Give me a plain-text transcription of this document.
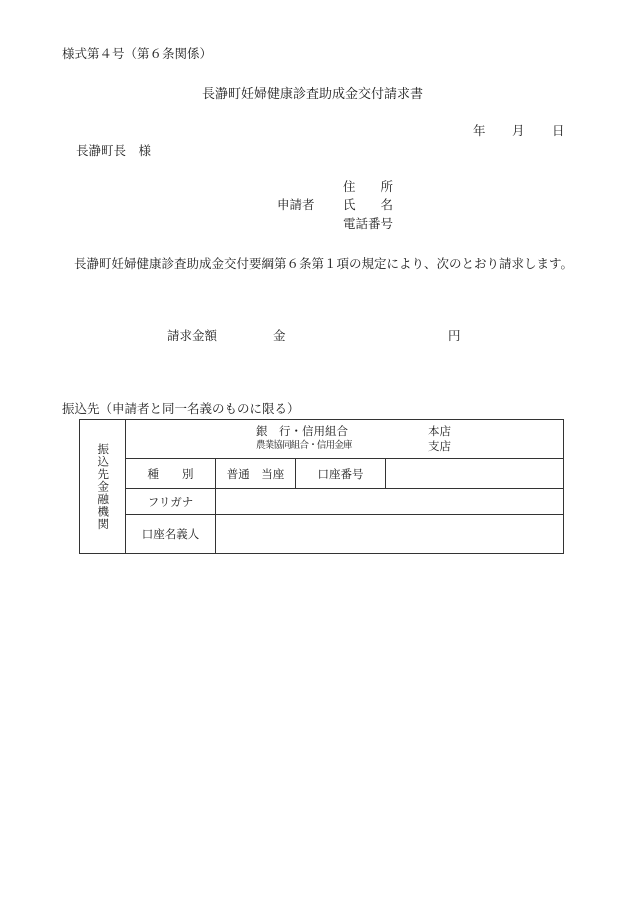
様式第４号（第６条関係）
長瀞町妊婦健康診査助成金交付請求書
年 月 日
長瀞町長　様
申請者
住　　所
氏　　名
電話番号
長瀞町妊婦健康診査助成金交付要綱第６条第１項の規定により、次のとおり請求します。
請求金額	金	円
振込先（申請者と同一名義のものに限る）
振込先金融機関	銀　行・信用組合
農業協同組合・信用金庫
本店
支店			

	種　　別	普通　当座	口座番号	
	フリガナ			
	口座名義人			
